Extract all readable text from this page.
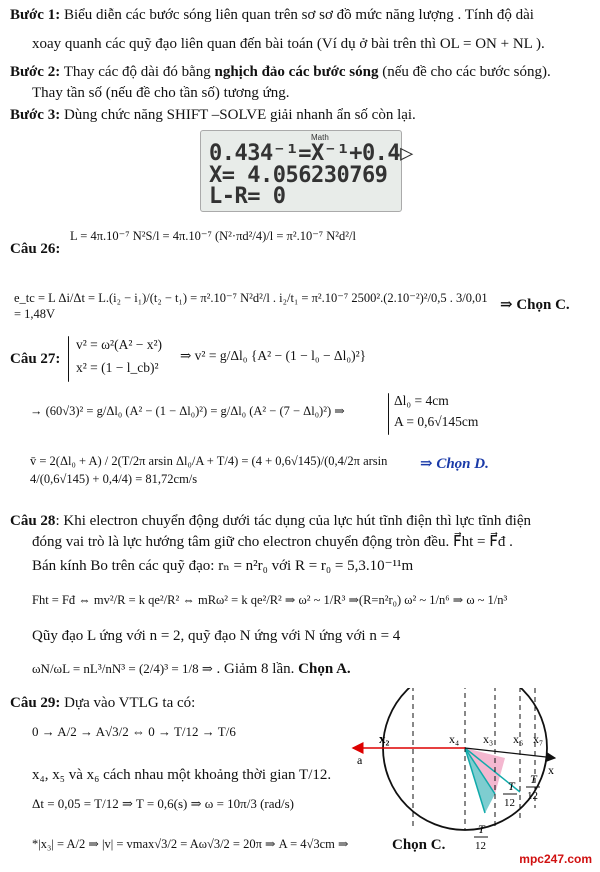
Bước 1: Biểu diễn các bước sóng liên quan trên sơ sơ đồ mức năng lượng . Tính độ dài
xoay quanh các quỹ đạo liên quan đến bài toán (Ví dụ ở bài trên thì OL = ON + NL ).
Bước 2: Thay các độ dài đó bằng nghịch đảo các bước sóng (nếu đề cho các bước sóng).
Thay tần số (nếu đề cho tần số) tương ứng.
Bước 3: Dùng chức năng SHIFT –SOLVE giải nhanh ẩn số còn lại.
Math
0.434⁻¹=X⁻¹+0.4▷
X= 4.056230769
L-R= 0
Câu 26:
L = 4π.10⁻⁷ N²S/l = 4π.10⁻⁷ (N²·πd²/4)/l = π².10⁻⁷ N²d²/l
e_tc = L Δi/Δt = L.(i₂ − i₁)/(t₂ − t₁) = π².10⁻⁷ N²d²/l . i₂/t₁ = π².10⁻⁷ 2500².(2.10⁻²)²/0,5 . 3/0,01 = 1,48V
⇒ Chọn C.
Câu 27:
v² = ω²(A² − x²)
x² = (1 − l_cb)²
⇒ v² = g/Δl₀ {A² − (1 − l₀ − Δl₀)²}
→ (60√3)² = g/Δl₀ (A² − (1 − Δl₀)²) = g/Δl₀ (A² − (7 − Δl₀)²) ⇒
Δl₀ = 4cm
A = 0,6√145cm
v̄ = 2(Δl₀ + A) / 2(T/2π arsin Δl₀/A + T/4) = (4 + 0,6√145)/(0,4/2π arsin 4/(0,6√145) + 0,4/4) = 81,72cm/s
⇒ Chọn D.
Câu 28: Khi electron chuyển động dưới tác dụng của lực hút tĩnh điện thì lực tĩnh điện
đóng vai trò là lực hướng tâm giữ cho electron chuyển động tròn đều. F⃗ht = F⃗đ .
Bán kính Bo trên các quỹ đạo: rₙ = n²r₀ với R = r₀ = 5,3.10⁻¹¹m
Fht = Fđ ⇔ mv²/R = k qe²/R² ⇔ mRω² = k qe²/R² ⇒ ω² ~ 1/R³ ⇒(R=n²r₀) ω² ~ 1/n⁶ ⇒ ω ~ 1/n³
Qũy đạo L ứng với n = 2, quỹ đạo N ứng với N ứng với n = 4
ωN/ωL = nL³/nN³ = (2/4)³ = 1/8 ⇒ . Giảm 8 lần. Chọn A.
Câu 29: Dựa vào VTLG ta có:
0 → A/2 → A√3/2 ⇔ 0 → T/12 → T/6
x₄, x₅ và x₆ cách nhau một khoảng thời gian T/12.
Δt = 0,05 = T/12 ⇒ T = 0,6(s) ⇒ ω = 10π/3 (rad/s)
*|x₃| = A/2 ⇒ |v| = vmax√3/2 = Aω√3/2 = 20π ⇒ A = 4√3cm ⇒	Chọn C.
x₂	x₄ x₃ x₆ x₇
a
x
T
12
T
12
T
12
mpc247.com
